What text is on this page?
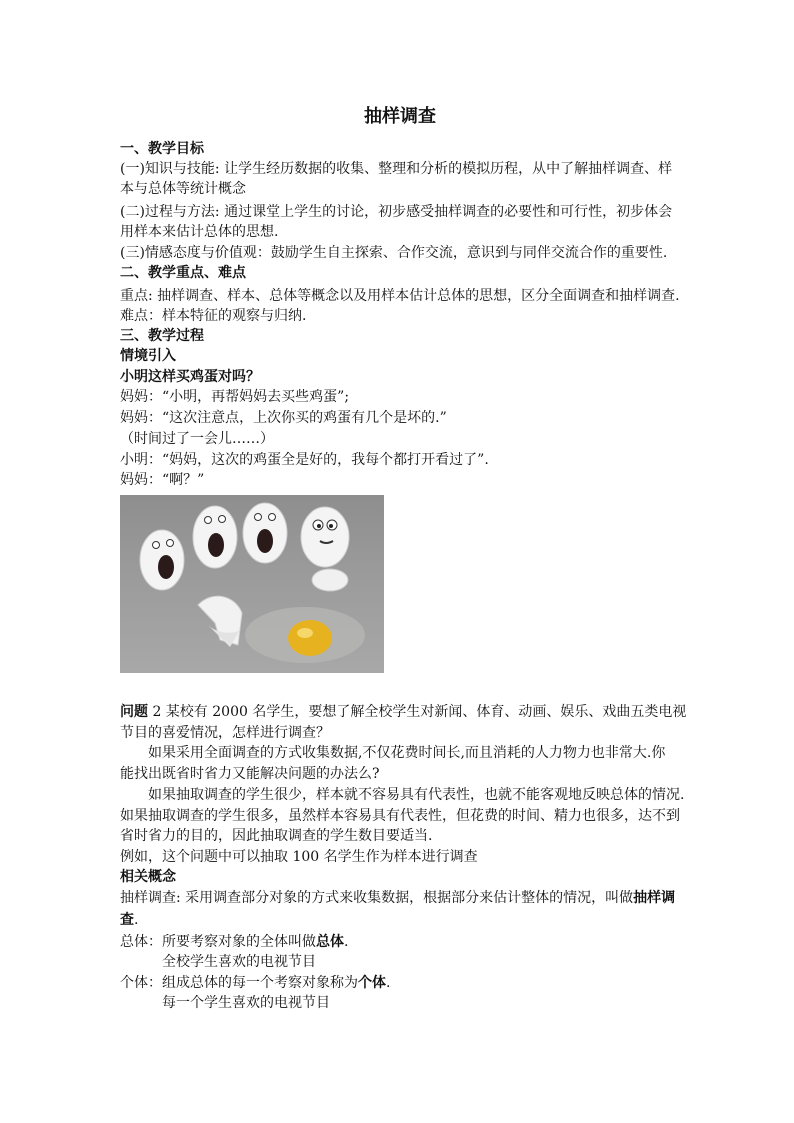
抽样调查
一、教学目标
(一)知识与技能: 让学生经历数据的收集、整理和分析的模拟历程，从中了解抽样调查、样
本与总体等统计概念
(二)过程与方法: 通过课堂上学生的讨论，初步感受抽样调查的必要性和可行性，初步体会
用样本来估计总体的思想.
(三)情感态度与价值观：鼓励学生自主探索、合作交流，意识到与同伴交流合作的重要性.
二、教学重点、难点
重点: 抽样调查、样本、总体等概念以及用样本估计总体的思想，区分全面调查和抽样调查.
难点：样本特征的观察与归纳.
三、教学过程
情境引入
小明这样买鸡蛋对吗？
妈妈：“小明，再帮妈妈去买些鸡蛋”;
妈妈：“这次注意点，上次你买的鸡蛋有几个是坏的.”
（时间过了一会儿……）
小明：“妈妈，这次的鸡蛋全是好的，我每个都打开看过了”.
妈妈：“啊？”
问题 2 某校有 2000 名学生，要想了解全校学生对新闻、体育、动画、娱乐、戏曲五类电视
节目的喜爱情况，怎样进行调查？
如果采用全面调查的方式收集数据,不仅花费时间长,而且消耗的人力物力也非常大.你
能找出既省时省力又能解决问题的办法么?
如果抽取调查的学生很少，样本就不容易具有代表性，也就不能客观地反映总体的情况.
如果抽取调查的学生很多，虽然样本容易具有代表性，但花费的时间、精力也很多，达不到
省时省力的目的，因此抽取调查的学生数目要适当.
例如，这个问题中可以抽取 100 名学生作为样本进行调查
相关概念
抽样调查: 采用调查部分对象的方式来收集数据，根据部分来估计整体的情况，叫做抽样调
查.
总体：所要考察对象的全体叫做总体.
全校学生喜欢的电视节目
个体：组成总体的每一个考察对象称为个体.
每一个学生喜欢的电视节目
